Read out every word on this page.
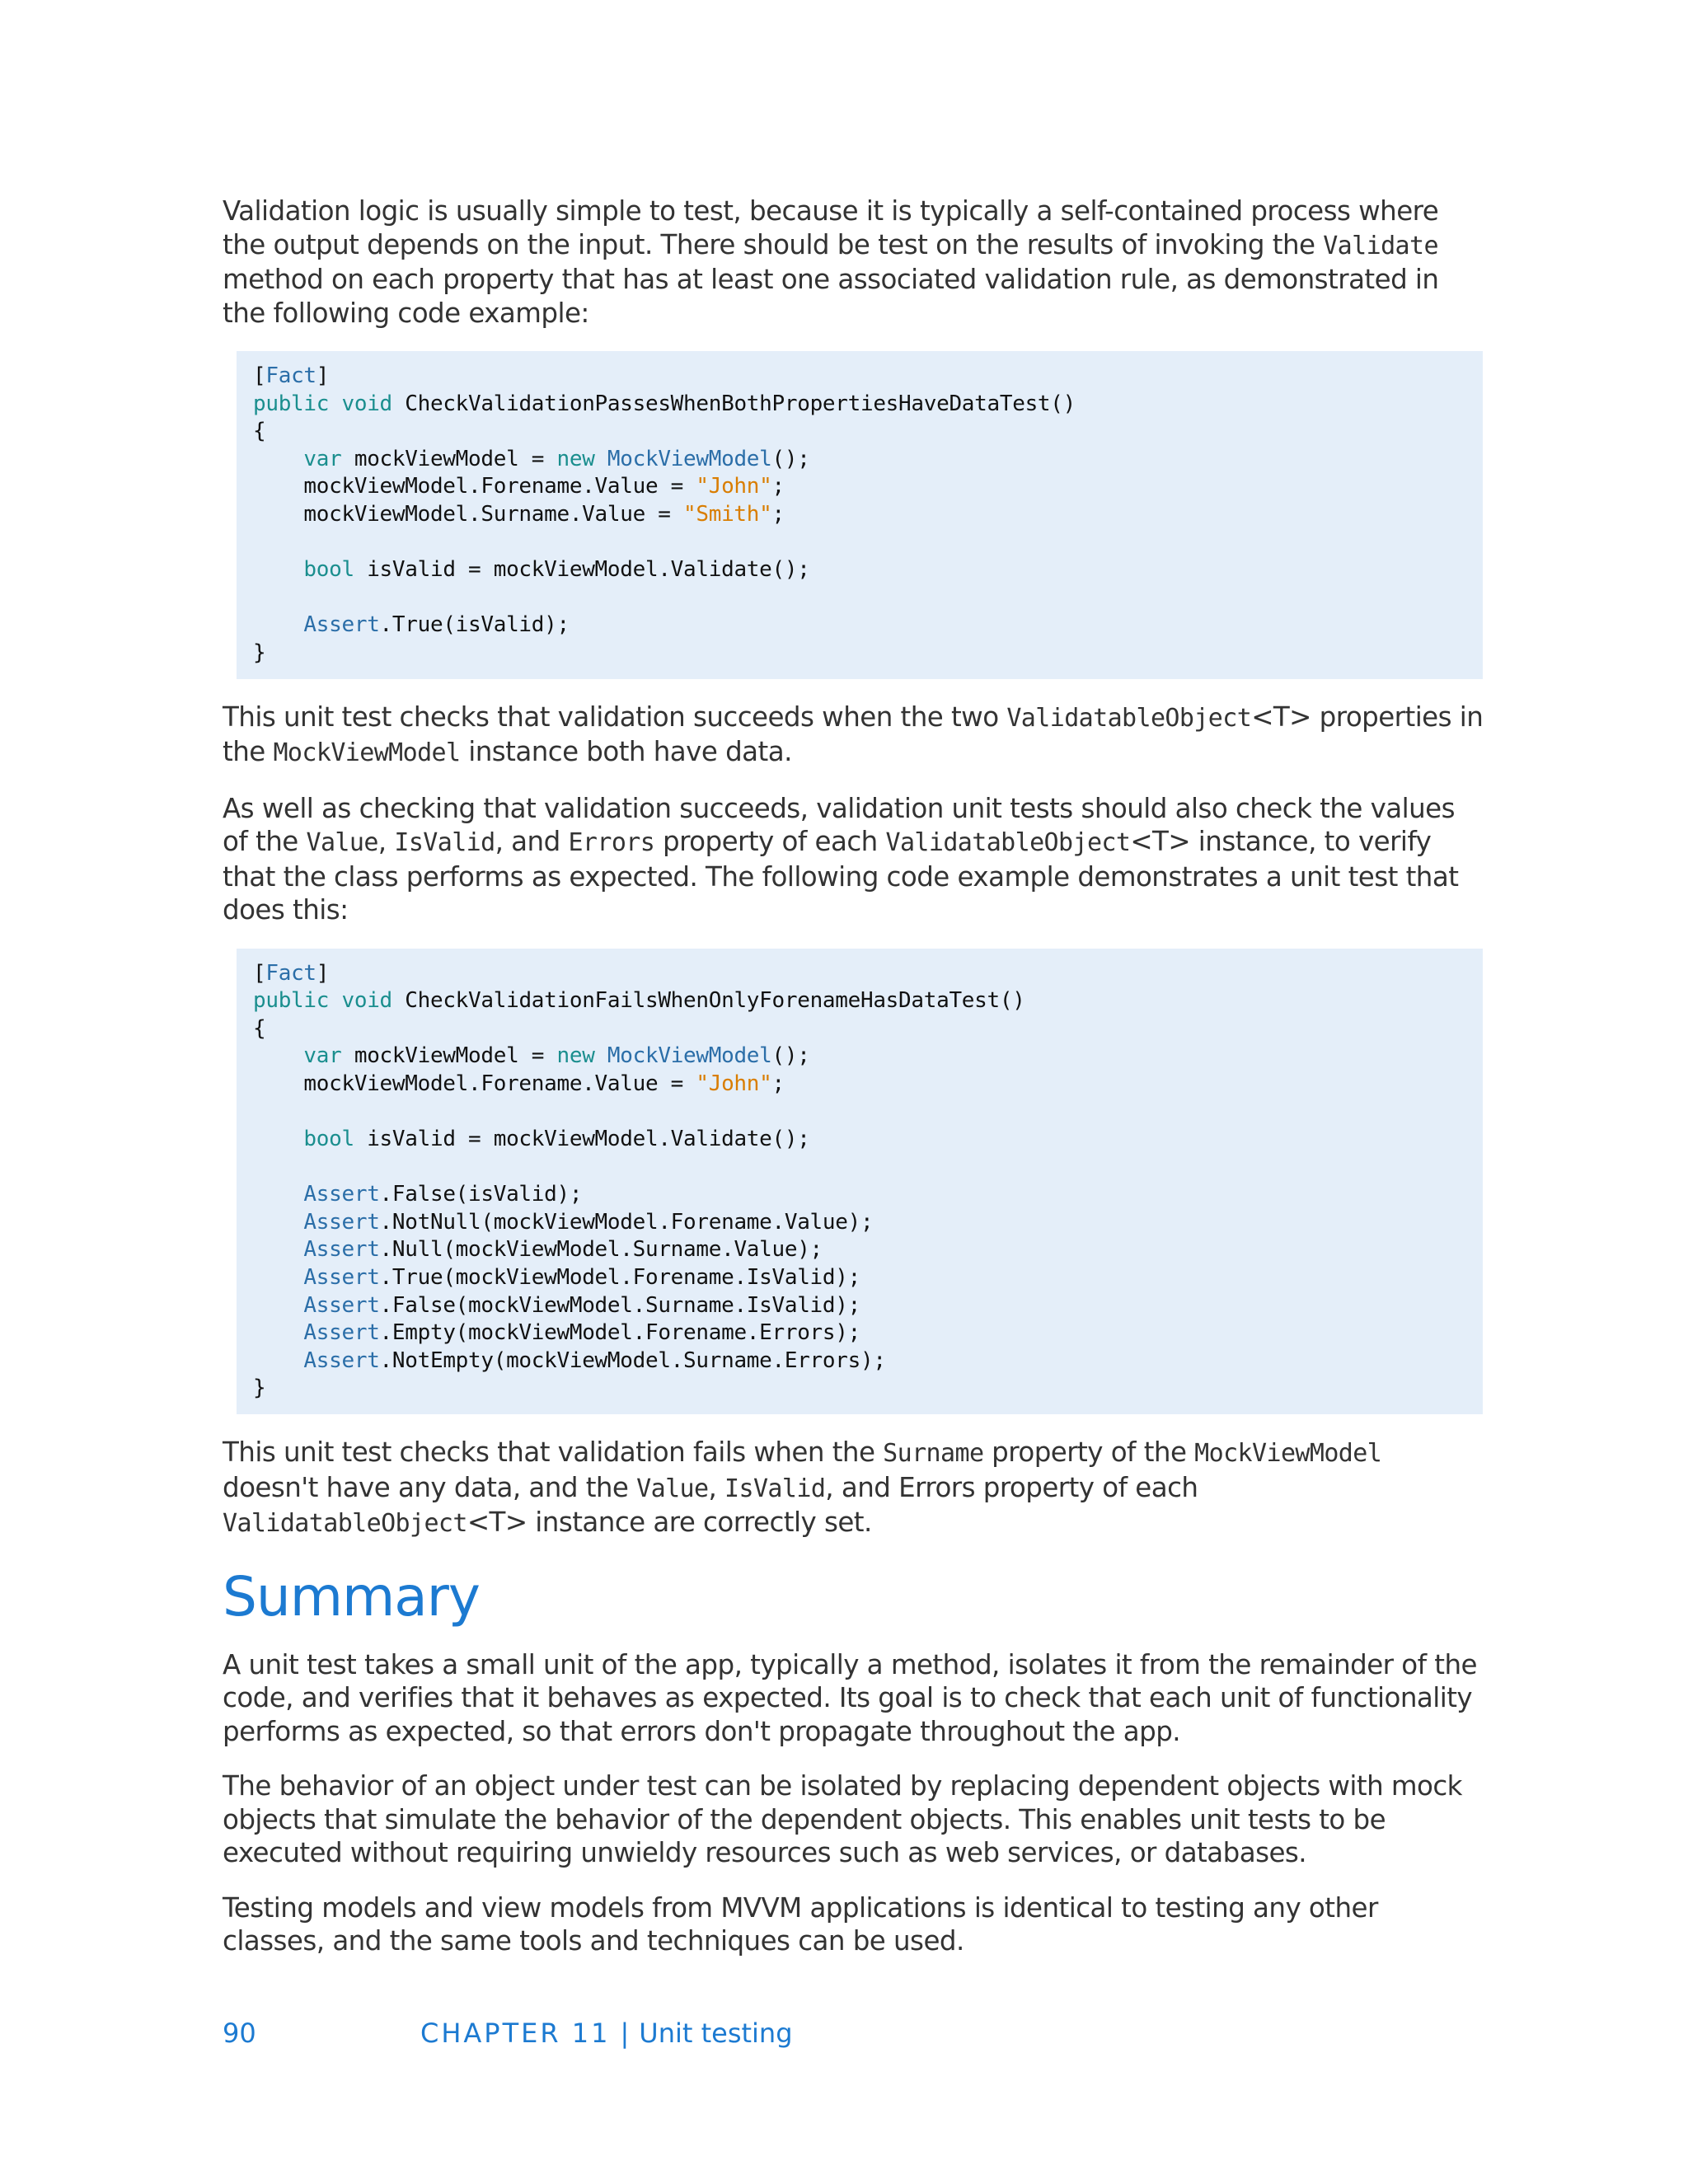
Validation logic is usually simple to test, because it is typically a self-contained process where the output depends on the input. There should be test on the results of invoking the Validate method on each property that has at least one associated validation rule, as demonstrated in the following code example:

[Fact]
public void CheckValidationPassesWhenBothPropertiesHaveDataTest()
{
var mockViewModel = new MockViewModel();
mockViewModel.Forename.Value = "John";
mockViewModel.Surname.Value = "Smith";
bool isValid = mockViewModel.Validate();
Assert.True(isValid);
}

This unit test checks that validation succeeds when the two ValidatableObject<T> properties in the MockViewModel instance both have data.

As well as checking that validation succeeds, validation unit tests should also check the values of the Value, IsValid, and Errors property of each ValidatableObject<T> instance, to verify that the class performs as expected. The following code example demonstrates a unit test that does this:

[Fact]
public void CheckValidationFailsWhenOnlyForenameHasDataTest()
{
var mockViewModel = new MockViewModel();
mockViewModel.Forename.Value = "John";
bool isValid = mockViewModel.Validate();
Assert.False(isValid);
Assert.NotNull(mockViewModel.Forename.Value);
Assert.Null(mockViewModel.Surname.Value);
Assert.True(mockViewModel.Forename.IsValid);
Assert.False(mockViewModel.Surname.IsValid);
Assert.Empty(mockViewModel.Forename.Errors);
Assert.NotEmpty(mockViewModel.Surname.Errors);
}

This unit test checks that validation fails when the Surname property of the MockViewModel doesn't have any data, and the Value, IsValid, and Errors property of each ValidatableObject<T> instance are correctly set.

Summary

A unit test takes a small unit of the app, typically a method, isolates it from the remainder of the code, and verifies that it behaves as expected. Its goal is to check that each unit of functionality performs as expected, so that errors don't propagate throughout the app.

The behavior of an object under test can be isolated by replacing dependent objects with mock objects that simulate the behavior of the dependent objects. This enables unit tests to be executed without requiring unwieldy resources such as web services, or databases.

Testing models and view models from MVVM applications is identical to testing any other classes, and the same tools and techniques can be used.

90	CHAPTER 11 | Unit testing
